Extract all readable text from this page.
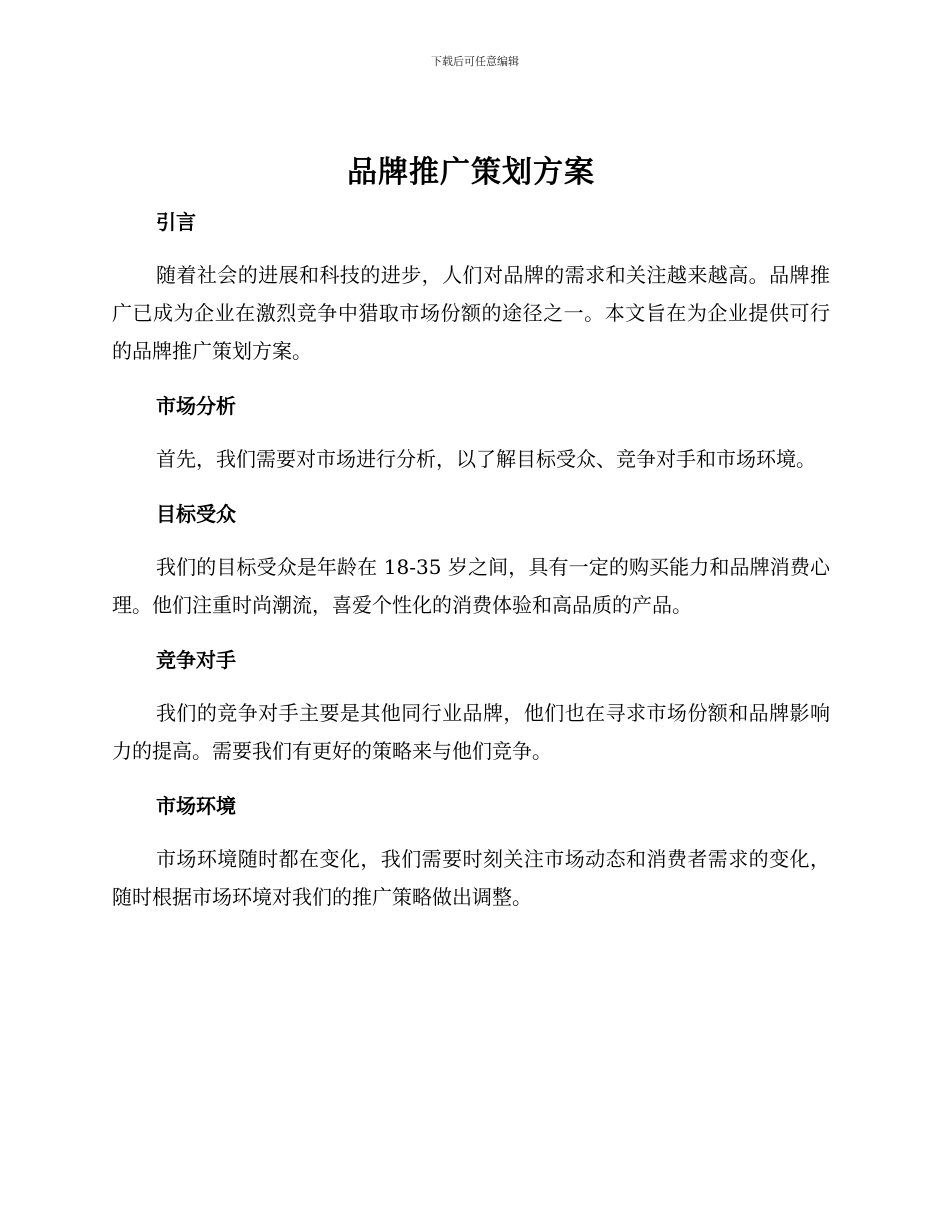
下载后可任意编辑
品牌推广策划方案
引言

随着社会的进展和科技的进步，人们对品牌的需求和关注越来越高。品牌推广已成为企业在激烈竞争中猎取市场份额的途径之一。本文旨在为企业提供可行的品牌推广策划方案。

市场分析

首先，我们需要对市场进行分析，以了解目标受众、竞争对手和市场环境。

目标受众

我们的目标受众是年龄在 18-35 岁之间，具有一定的购买能力和品牌消费心理。他们注重时尚潮流，喜爱个性化的消费体验和高品质的产品。

竞争对手

我们的竞争对手主要是其他同行业品牌，他们也在寻求市场份额和品牌影响力的提高。需要我们有更好的策略来与他们竞争。

市场环境

市场环境随时都在变化，我们需要时刻关注市场动态和消费者需求的变化，随时根据市场环境对我们的推广策略做出调整。
